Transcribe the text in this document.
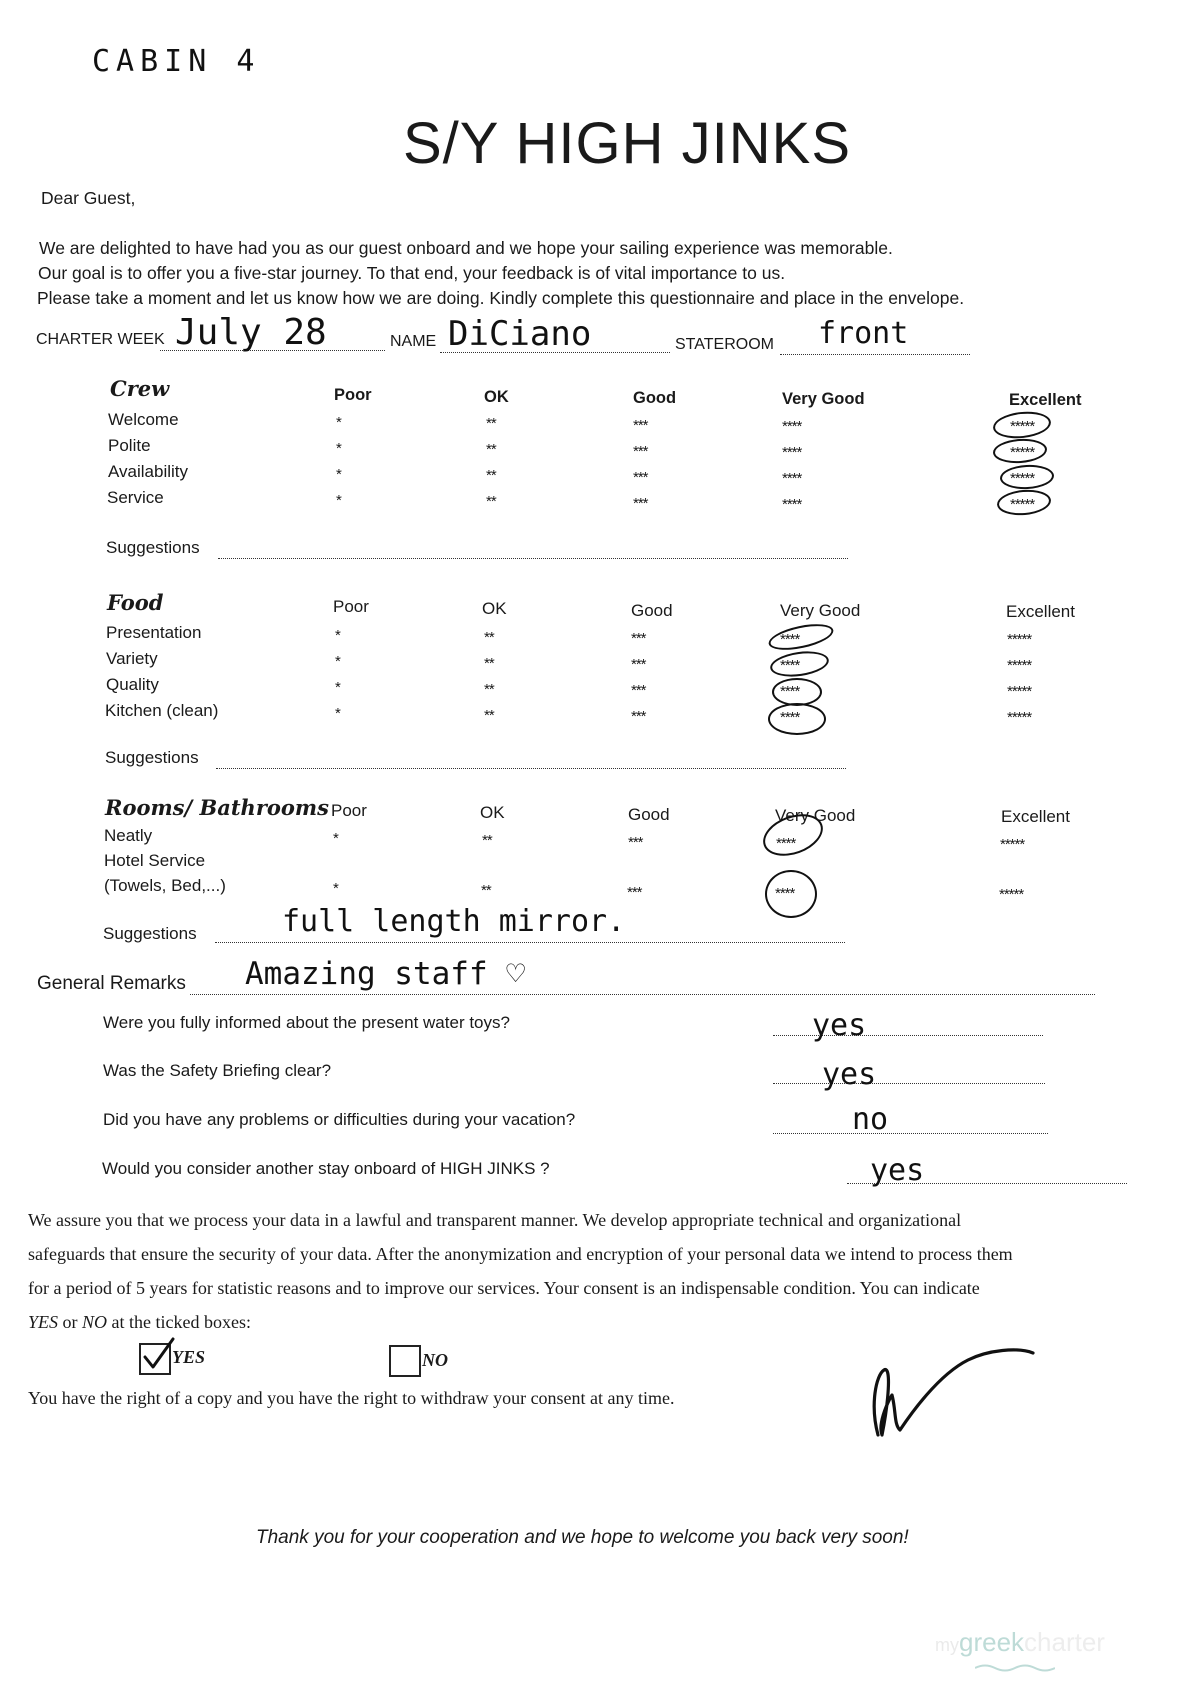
CABIN 4
S/Y HIGH JINKS
Dear Guest,
We are delighted to have had you as our guest onboard and we hope your sailing experience was memorable.
Our goal is to offer you a five-star journey. To that end, your feedback is of vital importance to us.
Please take a moment and let us know how we are doing. Kindly complete this questionnaire and place in the envelope.
CHARTER WEEK July 28	NAME DiCiano	STATEROOM front
Crew	Poor	OK	Good	Very Good	Excellent
Welcome	*	**	***	****	*****
Polite	*	**	***	****	*****
Availability	*	**	***	****	*****
Service	*	**	***	****	*****
Suggestions
Food	Poor	OK	Good	Very Good	Excellent
Presentation	*	**	***	****	*****
Variety	*	**	***	****	*****
Quality	*	**	***	****	*****
Kitchen (clean)	*	**	***	****	*****
Suggestions
Rooms/ Bathrooms Poor	OK	Good	Very Good	Excellent
Neatly	*	**	***	****	*****
Hotel Service
(Towels, Bed,...)	*	**	***	****	*****
Suggestions	full length mirror.
General Remarks Amazing staff ♡
Were you fully informed about the present water toys?	yes
Was the Safety Briefing clear?	yes
Did you have any problems or difficulties during your vacation?	no
Would you consider another stay onboard of HIGH JINKS ?	yes
We assure you that we process your data in a lawful and transparent manner. We develop appropriate technical and organizational
safeguards that ensure the security of your data. After the anonymization and encryption of your personal data we intend to process them
for a period of 5 years for statistic reasons and to improve our services. Your consent is an indispensable condition. You can indicate
YES or NO at the ticked boxes:
YES	NO
You have the right of a copy and you have the right to withdraw your consent at any time.
Thank you for your cooperation and we hope to welcome you back very soon!
mygreekcharter
